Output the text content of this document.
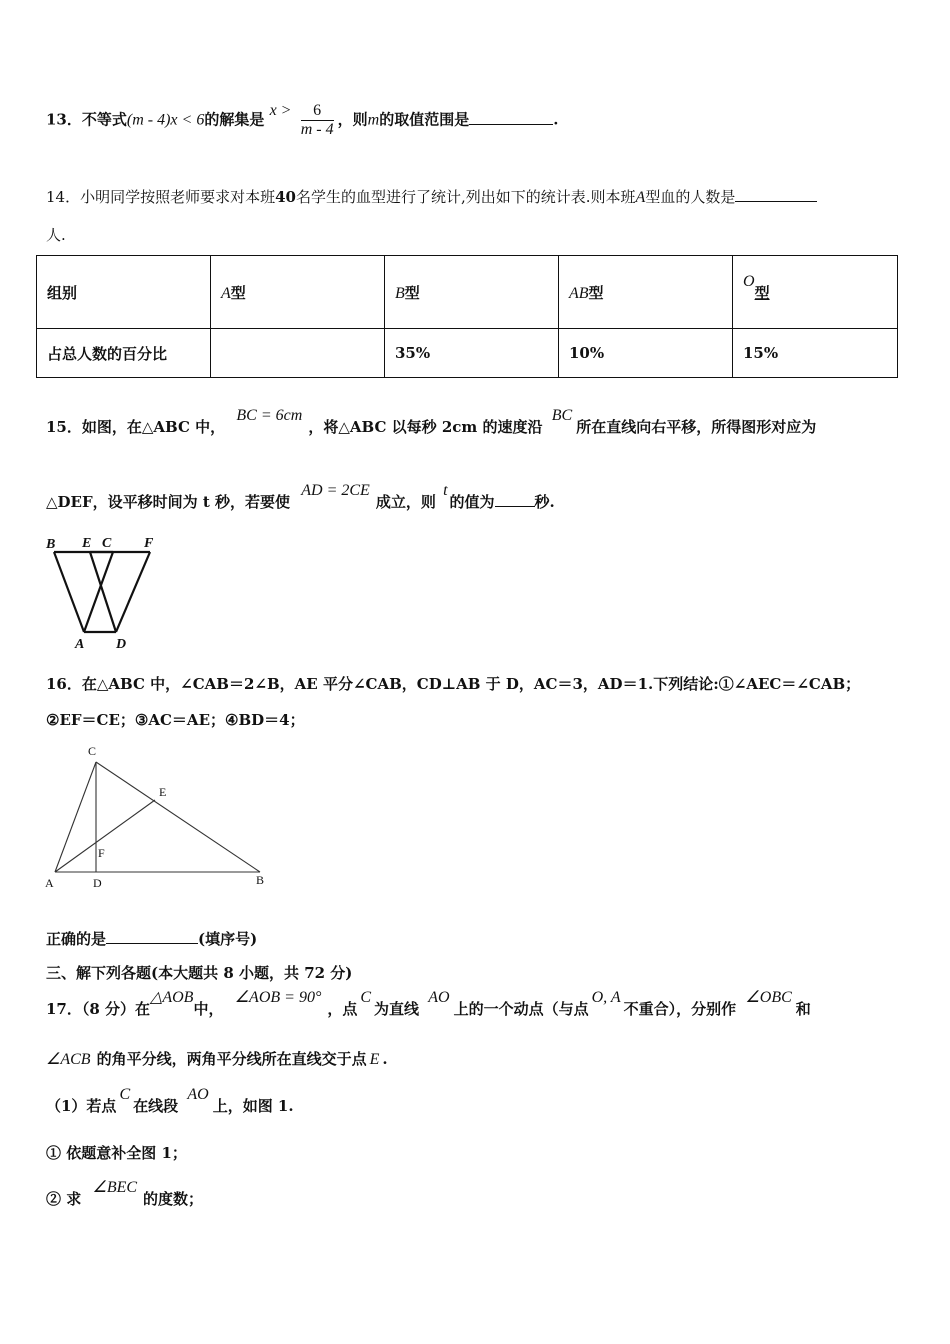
13．不等式(m - 4)x < 6的解集是 $x > \frac{6}{m - 4}$ ，则m的取值范围是	.
14．小明同学按照老师要求对本班40名学生的血型进行了统计,列出如下的统计表.则本班A型血的人数是
人.
组别	A型	B型	AB型	O型
占总人数的百分比		35%	10%	15%
15．如图，在△ABC 中， BC = 6cm，将△ABC 以每秒 2cm 的速度沿 BC所在直线向右平移，所得图形对应为
△DEF，设平移时间为 t 秒，若要使 AD = 2CE成立，则 t的值为	秒.
B E C F
A D
16．在△ABC 中，∠CAB＝2∠B，AE 平分∠CAB，CD⊥AB 于 D，AC＝3，AD＝1.下列结论:①∠AEC＝∠CAB；
②EF＝CE；③AC＝AE；④BD＝4；
C
E
F
A	D	B
正确的是	(填序号)
三、解下列各题(本大题共 8 小题，共 72 分)
17．（8 分）在△AOB中， ∠AOB = 90°，点C为直线 AO上的一个动点（与点O, A不重合），分别作 ∠OBC和
∠ACB 的角平分线，两角平分线所在直线交于点 E .
（1）若点C在线段 AO上，如图 1.
① 依题意补全图 1；
② 求 ∠BEC的度数；
